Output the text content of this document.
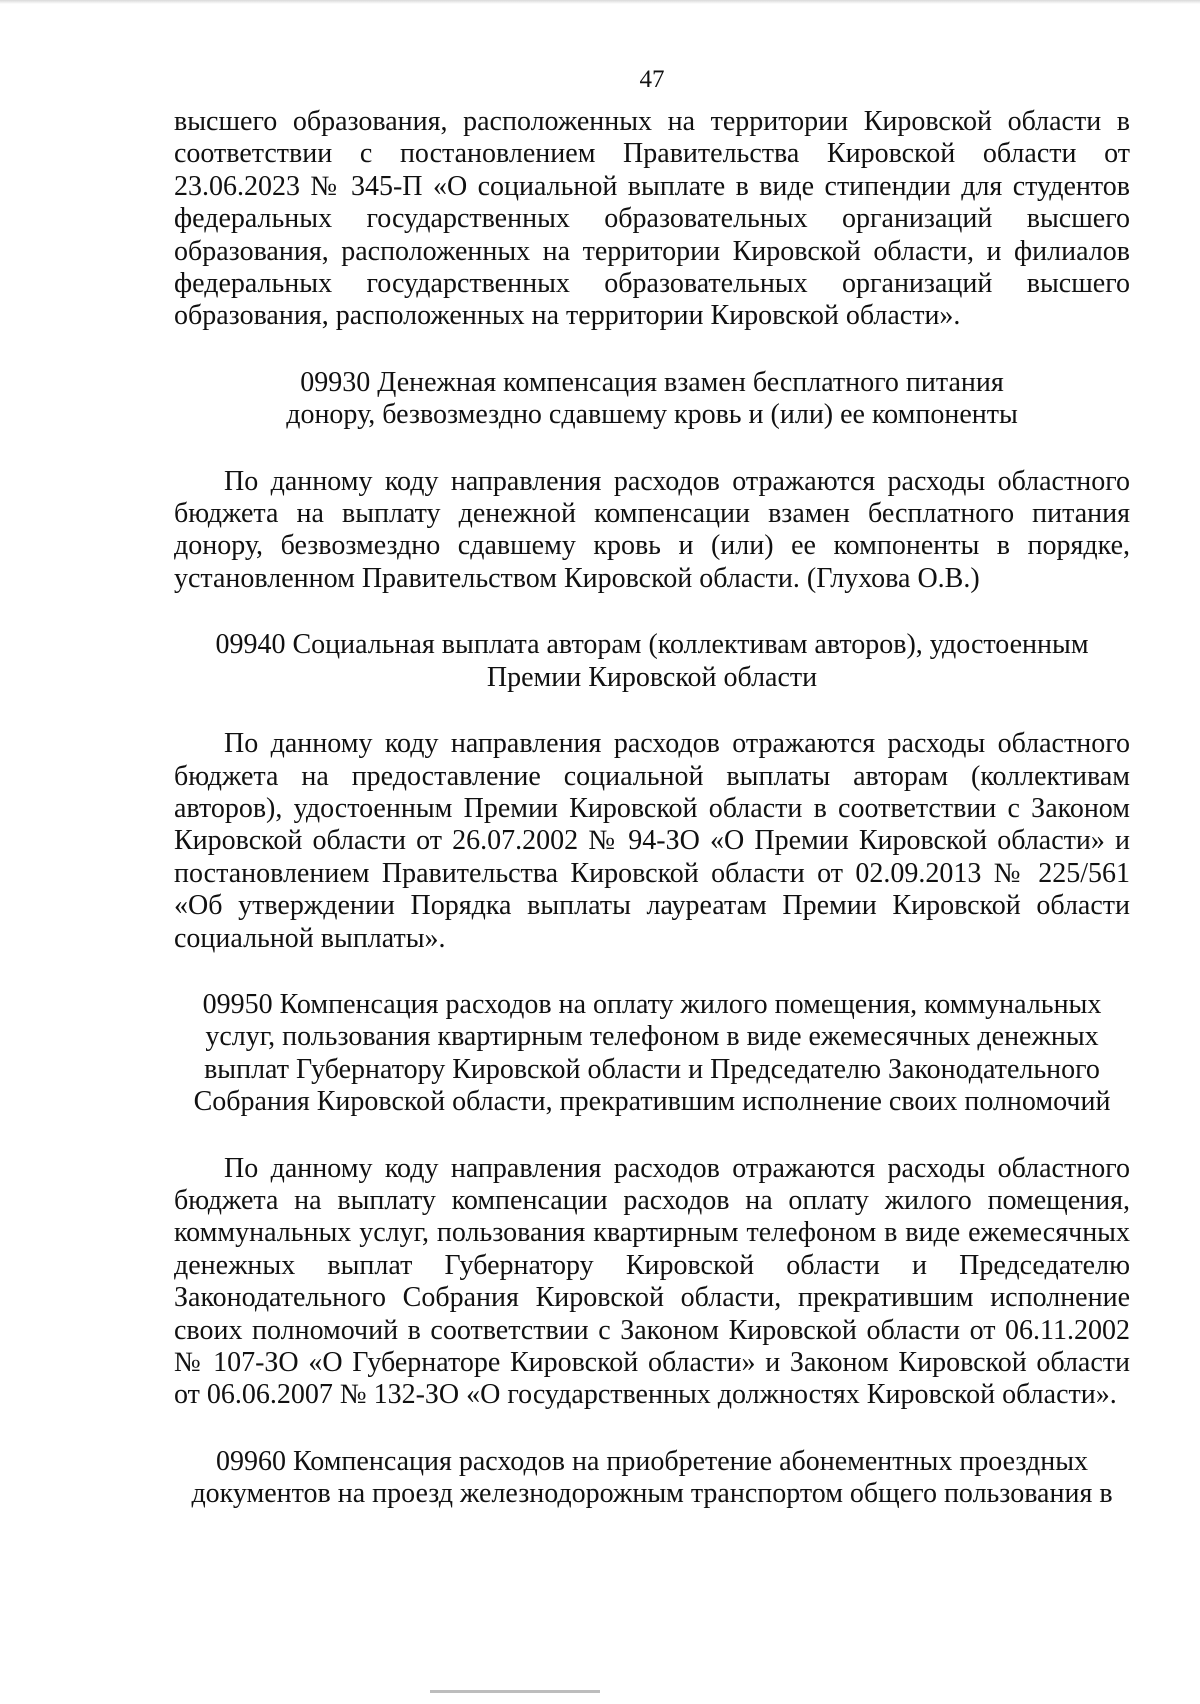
47

высшего образования, расположенных на территории Кировской области в соответствии с постановлением Правительства Кировской области от 23.06.2023 № 345-П «О социальной выплате в виде стипендии для студентов федеральных государственных образовательных организаций высшего образования, расположенных на территории Кировской области, и филиалов федеральных государственных образовательных организаций высшего образования, расположенных на территории Кировской области».

09930 Денежная компенсация взамен бесплатного питания донору, безвозмездно сдавшему кровь и (или) ее компоненты

По данному коду направления расходов отражаются расходы областного бюджета на выплату денежной компенсации взамен бесплатного питания донору, безвозмездно сдавшему кровь и (или) ее компоненты в порядке, установленном Правительством Кировской области. (Глухова О.В.)

09940 Социальная выплата авторам (коллективам авторов), удостоенным Премии Кировской области

По данному коду направления расходов отражаются расходы областного бюджета на предоставление социальной выплаты авторам (коллективам авторов), удостоенным Премии Кировской области в соответствии с Законом Кировской области от 26.07.2002 № 94-ЗО «О Премии Кировской области» и постановлением Правительства Кировской области от 02.09.2013 № 225/561 «Об утверждении Порядка выплаты лауреатам Премии Кировской области социальной выплаты».

09950 Компенсация расходов на оплату жилого помещения, коммунальных услуг, пользования квартирным телефоном в виде ежемесячных денежных выплат Губернатору Кировской области и Председателю Законодательного Собрания Кировской области, прекратившим исполнение своих полномочий

По данному коду направления расходов отражаются расходы областного бюджета на выплату компенсации расходов на оплату жилого помещения, коммунальных услуг, пользования квартирным телефоном в виде ежемесячных денежных выплат Губернатору Кировской области и Председателю Законодательного Собрания Кировской области, прекратившим исполнение своих полномочий в соответствии с Законом Кировской области от 06.11.2002 № 107-ЗО «О Губернаторе Кировской области» и Законом Кировской области от 06.06.2007 № 132-ЗО «О государственных должностях Кировской области».

09960 Компенсация расходов на приобретение абонементных проездных документов на проезд железнодорожным транспортом общего пользования в
